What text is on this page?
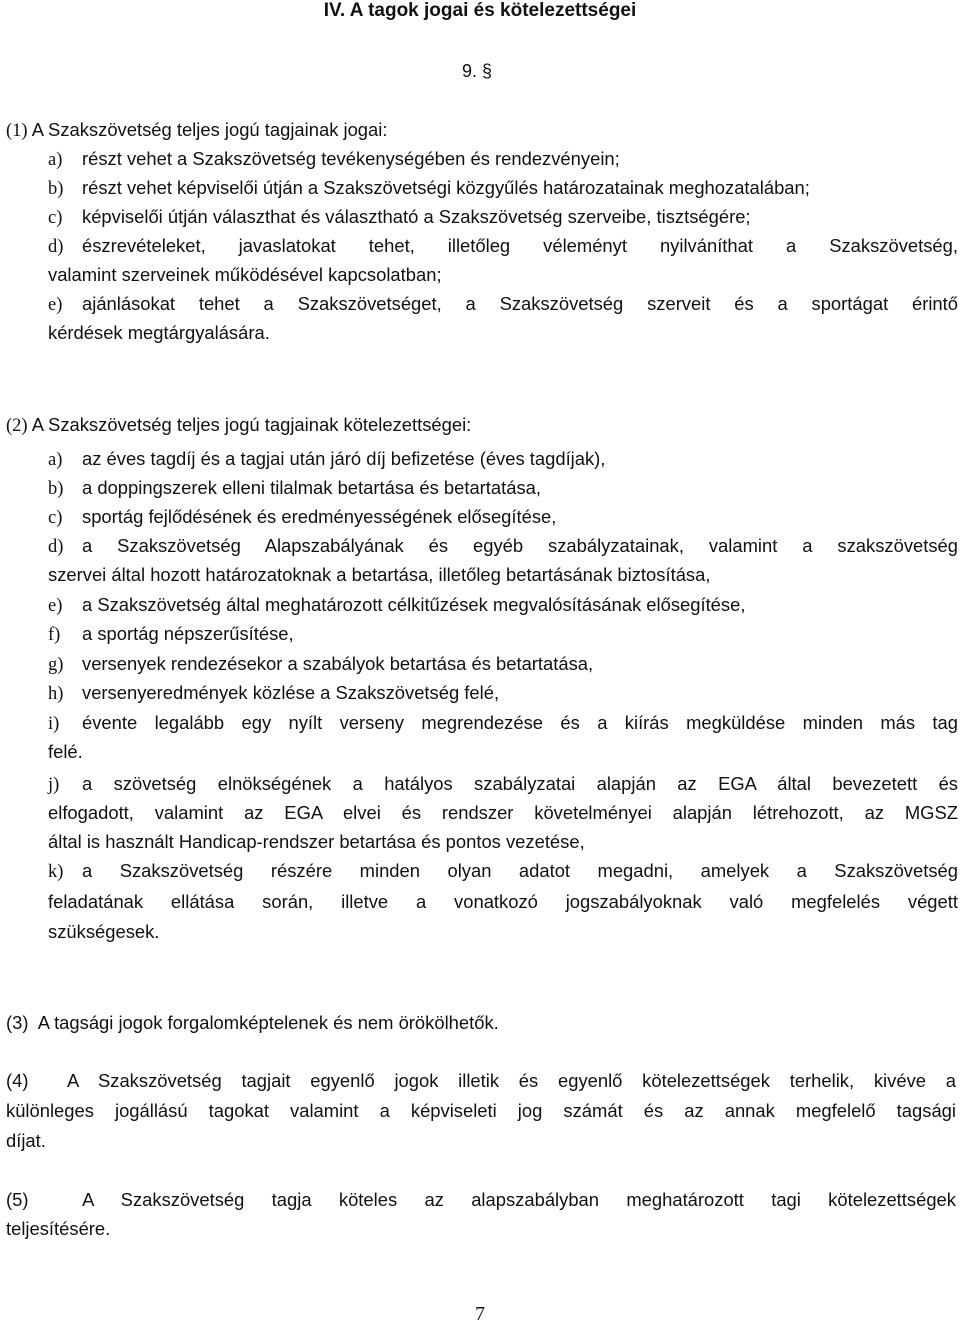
IV. A tagok jogai és kötelezettségei
9. §
(1) A Szakszövetség teljes jogú tagjainak jogai:
a) részt vehet a Szakszövetség tevékenységében és rendezvényein;
b) részt vehet képviselői útján a Szakszövetségi közgyűlés határozatainak meghozatalában;
c) képviselői útján választhat és választható a Szakszövetség szerveibe, tisztségére;
d) észrevételeket, javaslatokat tehet, illetőleg véleményt nyilváníthat a Szakszövetség,
valamint szerveinek működésével kapcsolatban;
e) ajánlásokat tehet a Szakszövetséget, a Szakszövetség szerveit és a sportágat érintő
kérdések megtárgyalására.
(2) A Szakszövetség teljes jogú tagjainak kötelezettségei:
a) az éves tagdíj és a tagjai után járó díj befizetése (éves tagdíjak),
b) a doppingszerek elleni tilalmak betartása és betartatása,
c) sportág fejlődésének és eredményességének elősegítése,
d) a Szakszövetség Alapszabályának és egyéb szabályzatainak, valamint a szakszövetség
szervei által hozott határozatoknak a betartása, illetőleg betartásának biztosítása,
e) a Szakszövetség által meghatározott célkitűzések megvalósításának elősegítése,
f) a sportág népszerűsítése,
g) versenyek rendezésekor a szabályok betartása és betartatása,
h) versenyeredmények közlése a Szakszövetség felé,
i) évente legalább egy nyílt verseny megrendezése és a kiírás megküldése minden más tag
felé.
j) a szövetség elnökségének a hatályos szabályzatai alapján az EGA által bevezetett és
elfogadott, valamint az EGA elvei és rendszer követelményei alapján létrehozott, az MGSZ
által is használt Handicap-rendszer betartása és pontos vezetése,
k) a Szakszövetség részére minden olyan adatot megadni, amelyek a Szakszövetség
feladatának ellátása során, illetve a vonatkozó jogszabályoknak való megfelelés végett
szükségesek.
(3) A tagsági jogok forgalomképtelenek és nem örökölhetők.
(4) A Szakszövetség tagjait egyenlő jogok illetik és egyenlő kötelezettségek terhelik, kivéve a
különleges jogállású tagokat valamint a képviseleti jog számát és az annak megfelelő tagsági
díjat.
(5)	A Szakszövetség tagja köteles az alapszabályban meghatározott tagi kötelezettségek
teljesítésére.
7
